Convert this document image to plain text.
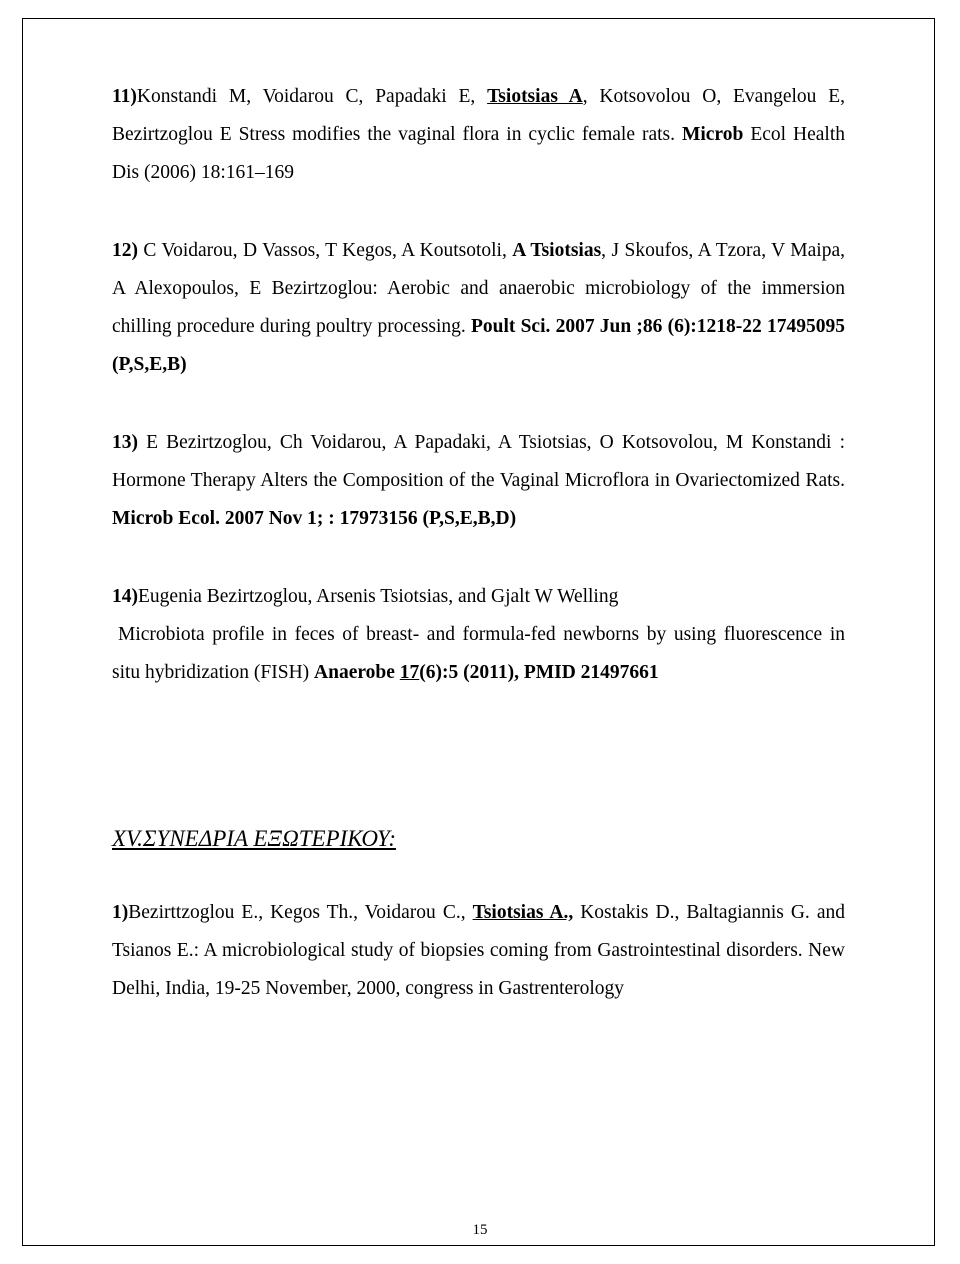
11)Konstandi M, Voidarou C, Papadaki E, Tsiotsias A, Kotsovolou O, Evangelou E, Bezirtzoglou E Stress modifies the vaginal flora in cyclic female rats. Microb Ecol Health Dis (2006) 18:161–169

12) C Voidarou, D Vassos, T Kegos, A Koutsotoli, A Tsiotsias, J Skoufos, A Tzora, V Maipa, A Alexopoulos, E Bezirtzoglou: Aerobic and anaerobic microbiology of the immersion chilling procedure during poultry processing. Poult Sci. 2007 Jun ;86 (6):1218-22 17495095 (P,S,E,B)

13) E Bezirtzoglou, Ch Voidarou, A Papadaki, A Tsiotsias, O Kotsovolou, M Konstandi : Hormone Therapy Alters the Composition of the Vaginal Microflora in Ovariectomized Rats. Microb Ecol. 2007 Nov 1; : 17973156 (P,S,E,B,D)

14)Eugenia Bezirtzoglou, Arsenis Tsiotsias, and Gjalt W Welling
Microbiota profile in feces of breast- and formula-fed newborns by using fluorescence in situ hybridization (FISH) Anaerobe 17(6):5 (2011), PMID 21497661

XV.ΣΥΝΕΔΡΙΑ ΕΞΩΤΕΡΙΚΟΥ:

1)Bezirttzoglou E., Kegos Th., Voidarou C., Tsiotsias A., Kostakis D., Baltagiannis G. and Tsianos E.: A microbiological study of biopsies coming from Gastrointestinal disorders. New Delhi, India, 19-25 November, 2000, congress in Gastrenterology

15
